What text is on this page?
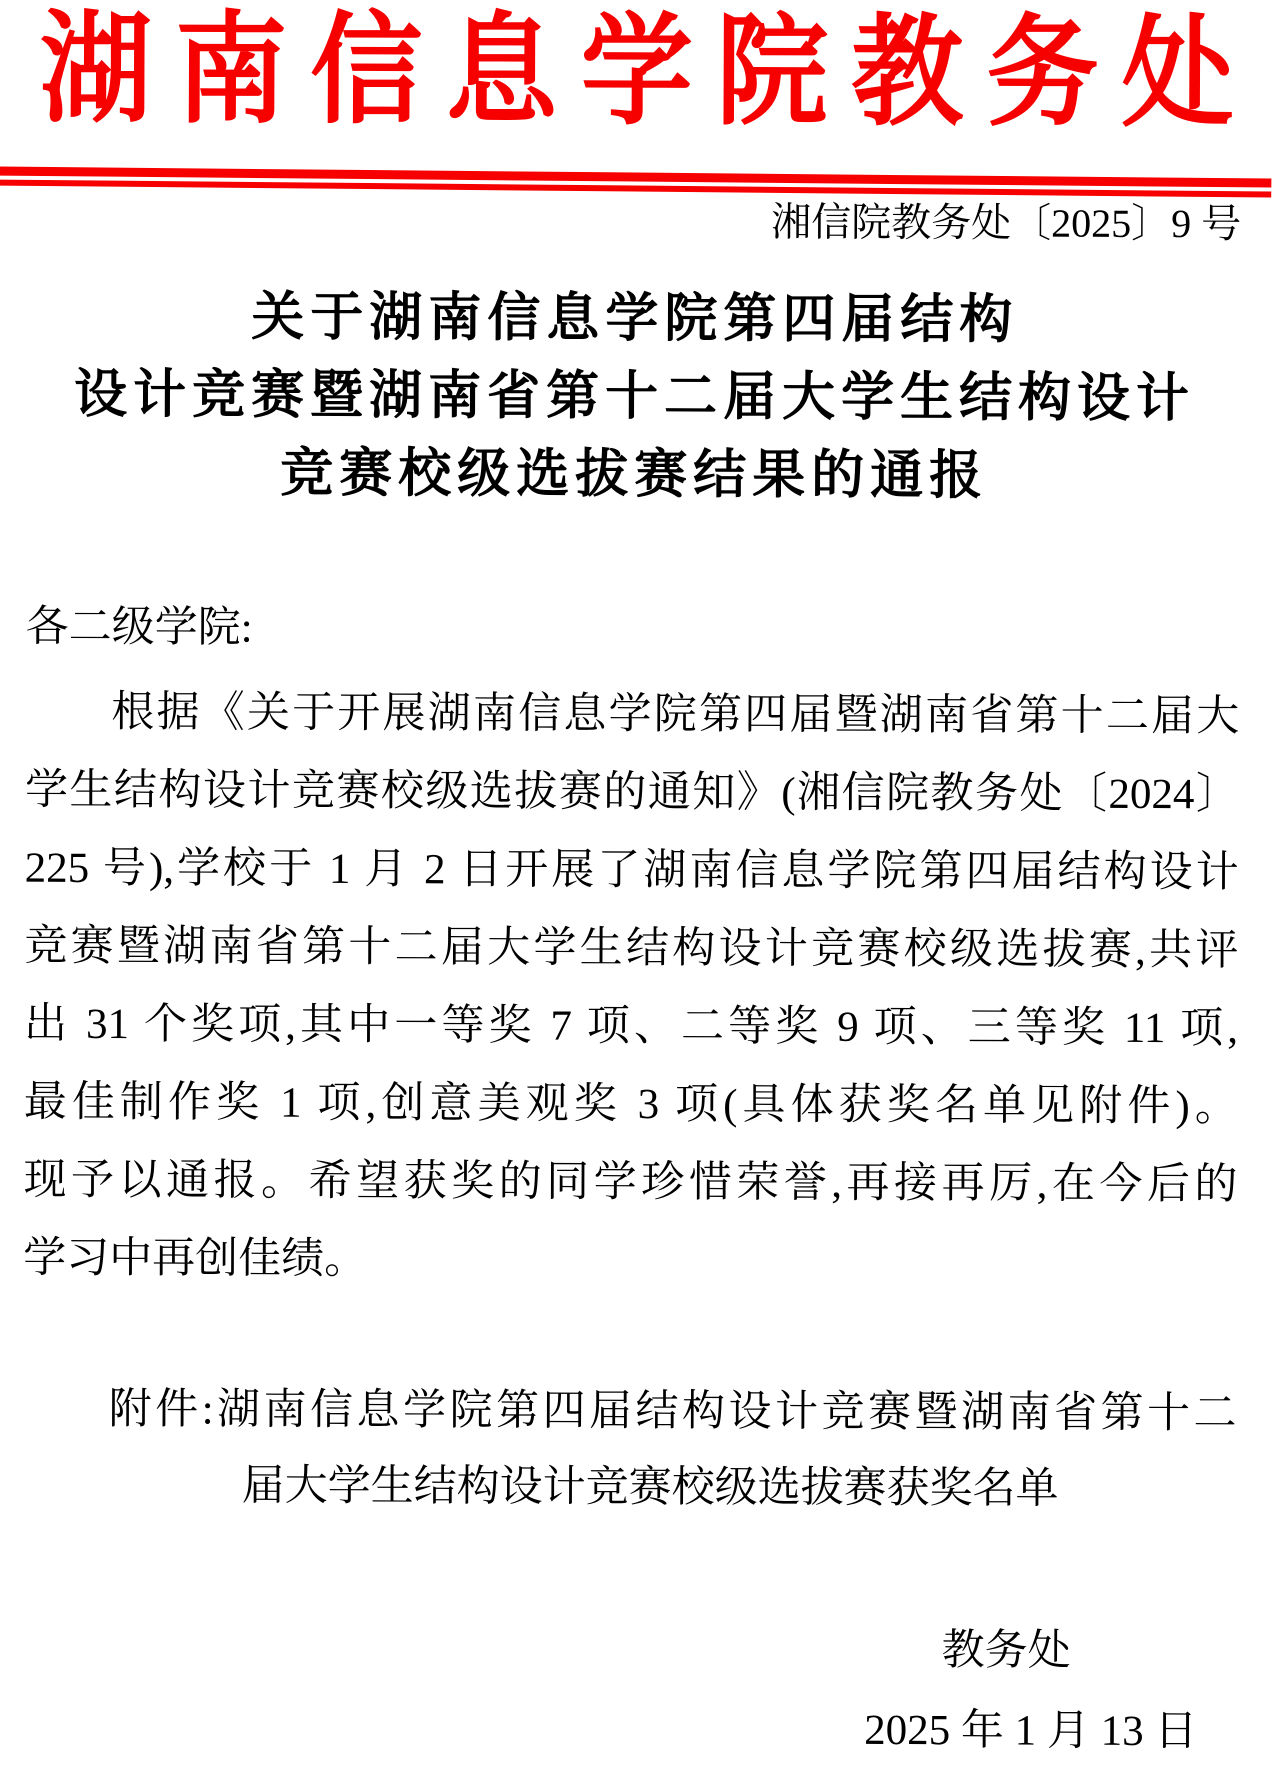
湖 南 信 息 学 院 教 务 处
湘信院教务处〔2025〕9 号
关于湖南信息学院第四届结构
设计竞赛暨湖南省第十二届大学生结构设计
竞赛校级选拔赛结果的通报
各二级学院:
根据《关于开展湖南信息学院第四届暨湖南省第十二届大
学生结构设计竞赛校级选拔赛的通知》(湘信院教务处〔2024〕
225 号),学校于 1 月 2 日开展了湖南信息学院第四届结构设计
竞赛暨湖南省第十二届大学生结构设计竞赛校级选拔赛,共评
出 31 个奖项,其中一等奖 7 项、二等奖 9 项、三等奖 11 项,
最佳制作奖 1 项,创意美观奖 3 项(具体获奖名单见附件)。
现予以通报。希望获奖的同学珍惜荣誉,再接再厉,在今后的
学习中再创佳绩。
附件:湖南信息学院第四届结构设计竞赛暨湖南省第十二
届大学生结构设计竞赛校级选拔赛获奖名单
教务处
2025 年 1 月 13 日
